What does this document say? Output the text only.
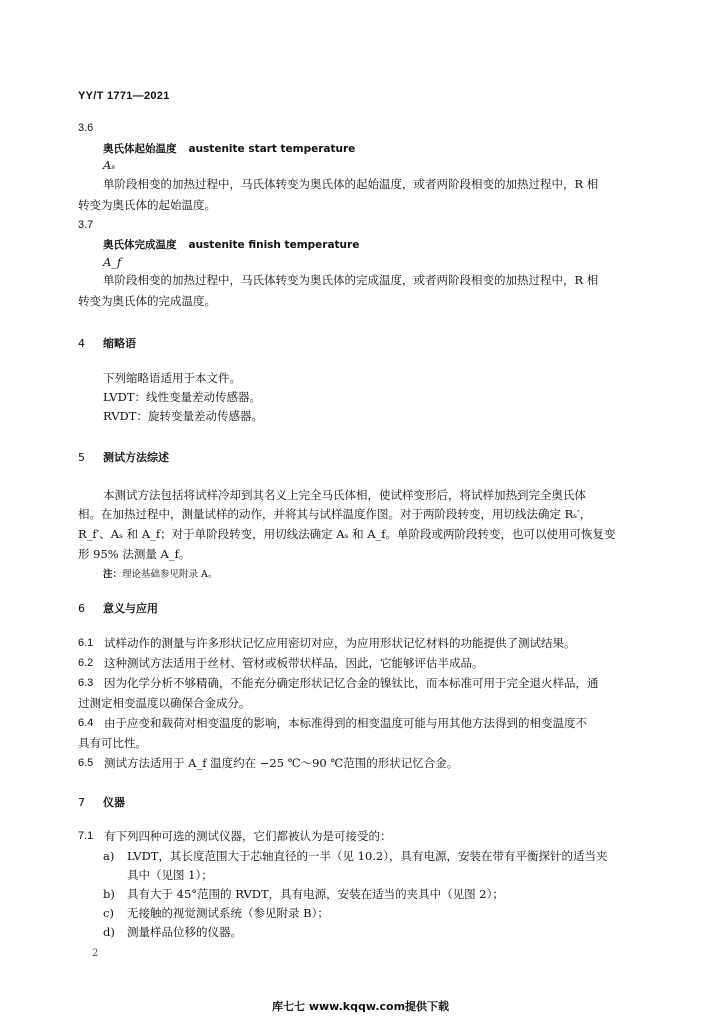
YY/T 1771—2021
3.6
奥氏体起始温度 austenite start temperature
Aₛ
单阶段相变的加热过程中，马氏体转变为奥氏体的起始温度，或者两阶段相变的加热过程中，R 相
转变为奥氏体的起始温度。
3.7
奥氏体完成温度 austenite finish temperature
A_f
单阶段相变的加热过程中，马氏体转变为奥氏体的完成温度，或者两阶段相变的加热过程中，R 相
转变为奥氏体的完成温度。
4 缩略语
下列缩略语适用于本文件。
LVDT：线性变量差动传感器。
RVDT：旋转变量差动传感器。
5 测试方法综述
本测试方法包括将试样冷却到其名义上完全马氏体相，使试样变形后，将试样加热到完全奥氏体
相。在加热过程中，测量试样的动作，并将其与试样温度作图。对于两阶段转变，用切线法确定 Rₛ′，
R_f′、Aₛ 和 A_f；对于单阶段转变，用切线法确定 Aₛ 和 A_f。单阶段或两阶段转变，也可以使用可恢复变
形 95% 法测量 A_f。
注：理论基础参见附录 A。
6 意义与应用
6.1 试样动作的测量与许多形状记忆应用密切对应，为应用形状记忆材料的功能提供了测试结果。
6.2 这种测试方法适用于丝材、管材或板带状样品，因此，它能够评估半成品。
6.3 因为化学分析不够精确，不能充分确定形状记忆合金的镍钛比，而本标准可用于完全退火样品，通
过测定相变温度以确保合金成分。
6.4 由于应变和载荷对相变温度的影响，本标准得到的相变温度可能与用其他方法得到的相变温度不
具有可比性。
6.5 测试方法适用于 A_f 温度约在 −25 ℃～90 ℃范围的形状记忆合金。
7 仪器
7.1 有下列四种可选的测试仪器，它们都被认为是可接受的：
a) LVDT，其长度范围大于芯轴直径的一半（见 10.2），具有电源，安装在带有平衡探针的适当夹
具中（见图 1）；
b) 具有大于 45°范围的 RVDT，具有电源，安装在适当的夹具中（见图 2）；
c) 无接触的视觉测试系统（参见附录 B）；
d) 测量样品位移的仪器。
2
库七七 www.kqqw.com提供下载
